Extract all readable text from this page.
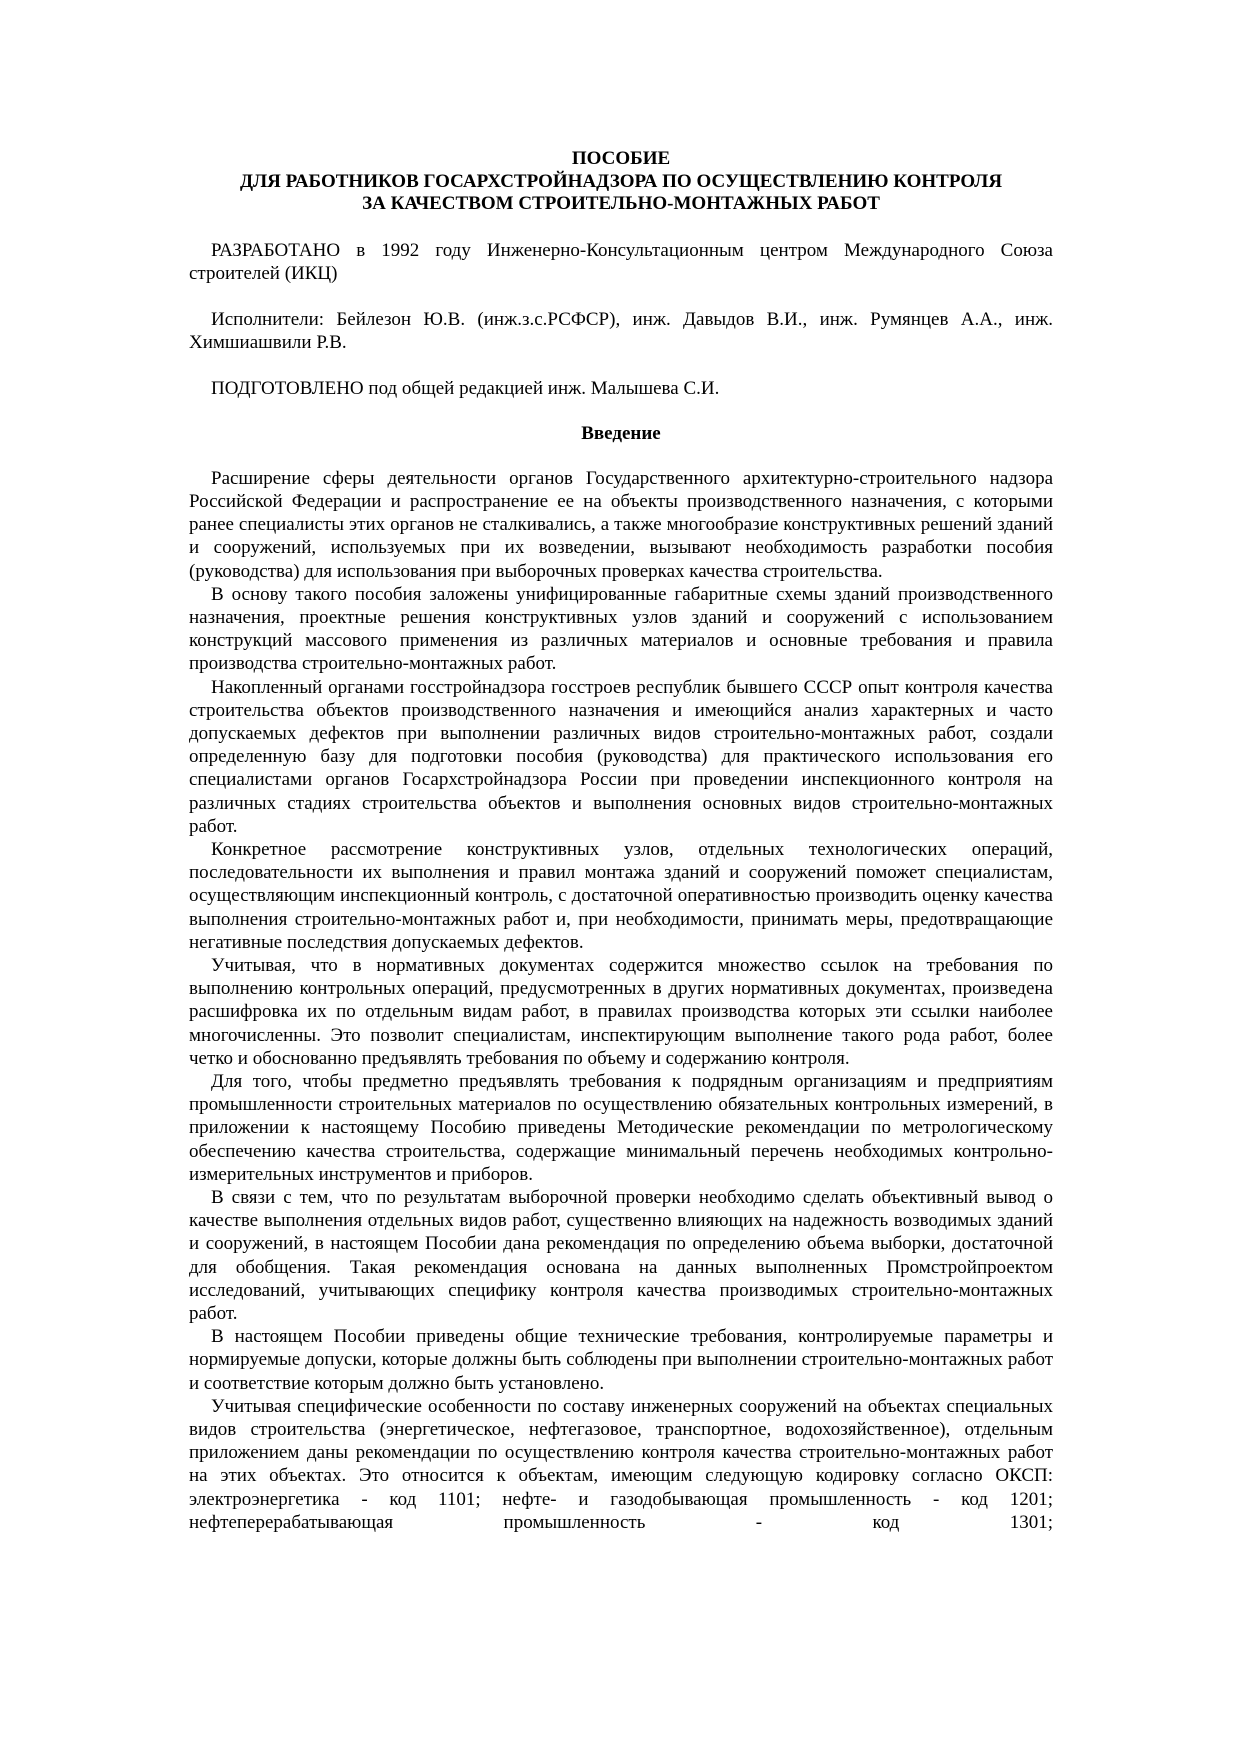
ПОСОБИЕ
ДЛЯ РАБОТНИКОВ ГОСАРХСТРОЙНАДЗОРА ПО ОСУЩЕСТВЛЕНИЮ КОНТРОЛЯ
ЗА КАЧЕСТВОМ СТРОИТЕЛЬНО-МОНТАЖНЫХ РАБОТ

РАЗРАБОТАНО в 1992 году Инженерно-Консультационным центром Международного Союза строителей (ИКЦ)

Исполнители: Бейлезон Ю.В. (инж.з.с.РСФСР), инж. Давыдов В.И., инж. Румянцев А.А., инж. Химшиашвили Р.В.

ПОДГОТОВЛЕНО под общей редакцией инж. Малышева С.И.

Введение

Расширение сферы деятельности органов Государственного архитектурно-строительного надзора Российской Федерации и распространение ее на объекты производственного назначения, с которыми ранее специалисты этих органов не сталкивались, а также многообразие конструктивных решений зданий и сооружений, используемых при их возведении, вызывают необходимость разработки пособия (руководства) для использования при выборочных проверках качества строительства.

В основу такого пособия заложены унифицированные габаритные схемы зданий производственного назначения, проектные решения конструктивных узлов зданий и сооружений с использованием конструкций массового применения из различных материалов и основные требования и правила производства строительно-монтажных работ.

Накопленный органами госстройнадзора госстроев республик бывшего СССР опыт контроля качества строительства объектов производственного назначения и имеющийся анализ характерных и часто допускаемых дефектов при выполнении различных видов строительно-монтажных работ, создали определенную базу для подготовки пособия (руководства) для практического использования его специалистами органов Госархстройнадзора России при проведении инспекционного контроля на различных стадиях строительства объектов и выполнения основных видов строительно-монтажных работ.

Конкретное рассмотрение конструктивных узлов, отдельных технологических операций, последовательности их выполнения и правил монтажа зданий и сооружений поможет специалистам, осуществляющим инспекционный контроль, с достаточной оперативностью производить оценку качества выполнения строительно-монтажных работ и, при необходимости, принимать меры, предотвращающие негативные последствия допускаемых дефектов.

Учитывая, что в нормативных документах содержится множество ссылок на требования по выполнению контрольных операций, предусмотренных в других нормативных документах, произведена расшифровка их по отдельным видам работ, в правилах производства которых эти ссылки наиболее многочисленны. Это позволит специалистам, инспектирующим выполнение такого рода работ, более четко и обоснованно предъявлять требования по объему и содержанию контроля.

Для того, чтобы предметно предъявлять требования к подрядным организациям и предприятиям промышленности строительных материалов по осуществлению обязательных контрольных измерений, в приложении к настоящему Пособию приведены Методические рекомендации по метрологическому обеспечению качества строительства, содержащие минимальный перечень необходимых контрольно-измерительных инструментов и приборов.

В связи с тем, что по результатам выборочной проверки необходимо сделать объективный вывод о качестве выполнения отдельных видов работ, существенно влияющих на надежность возводимых зданий и сооружений, в настоящем Пособии дана рекомендация по определению объема выборки, достаточной для обобщения. Такая рекомендация основана на данных выполненных Промстройпроектом исследований, учитывающих специфику контроля качества производимых строительно-монтажных работ.

В настоящем Пособии приведены общие технические требования, контролируемые параметры и нормируемые допуски, которые должны быть соблюдены при выполнении строительно-монтажных работ и соответствие которым должно быть установлено.

Учитывая специфические особенности по составу инженерных сооружений на объектах специальных видов строительства (энергетическое, нефтегазовое, транспортное, водохозяйственное), отдельным приложением даны рекомендации по осуществлению контроля качества строительно-монтажных работ на этих объектах. Это относится к объектам, имеющим следующую кодировку согласно ОКСП: электроэнергетика - код 1101; нефте- и газодобывающая промышленность - код 1201; нефтеперерабатывающая промышленность - код 1301;
